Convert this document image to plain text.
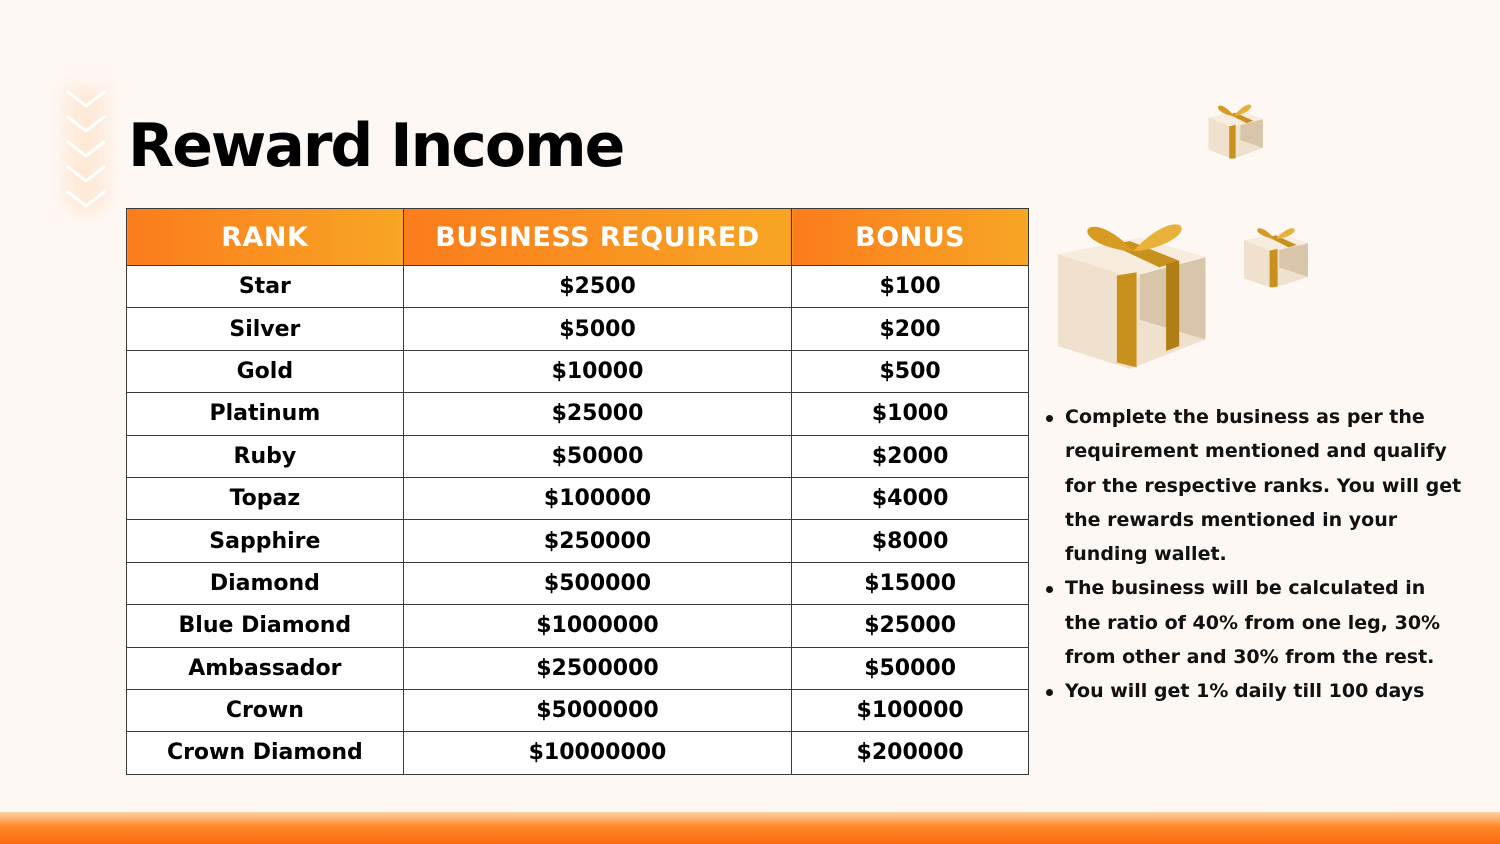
Reward Income
RANK	BUSINESS REQUIRED	BONUS
Star	$2500	$100
Silver	$5000	$200
Gold	$10000	$500
Platinum	$25000	$1000
Ruby	$50000	$2000
Topaz	$100000	$4000
Sapphire	$250000	$8000
Diamond	$500000	$15000
Blue Diamond	$1000000	$25000
Ambassador	$2500000	$50000
Crown	$5000000	$100000
Crown Diamond	$10000000	$200000
Complete the business as per the requirement mentioned and qualify for the respective ranks. You will get the rewards mentioned in your funding wallet.
The business will be calculated in the ratio of 40% from one leg, 30% from other and 30% from the rest.
You will get 1% daily till 100 days
